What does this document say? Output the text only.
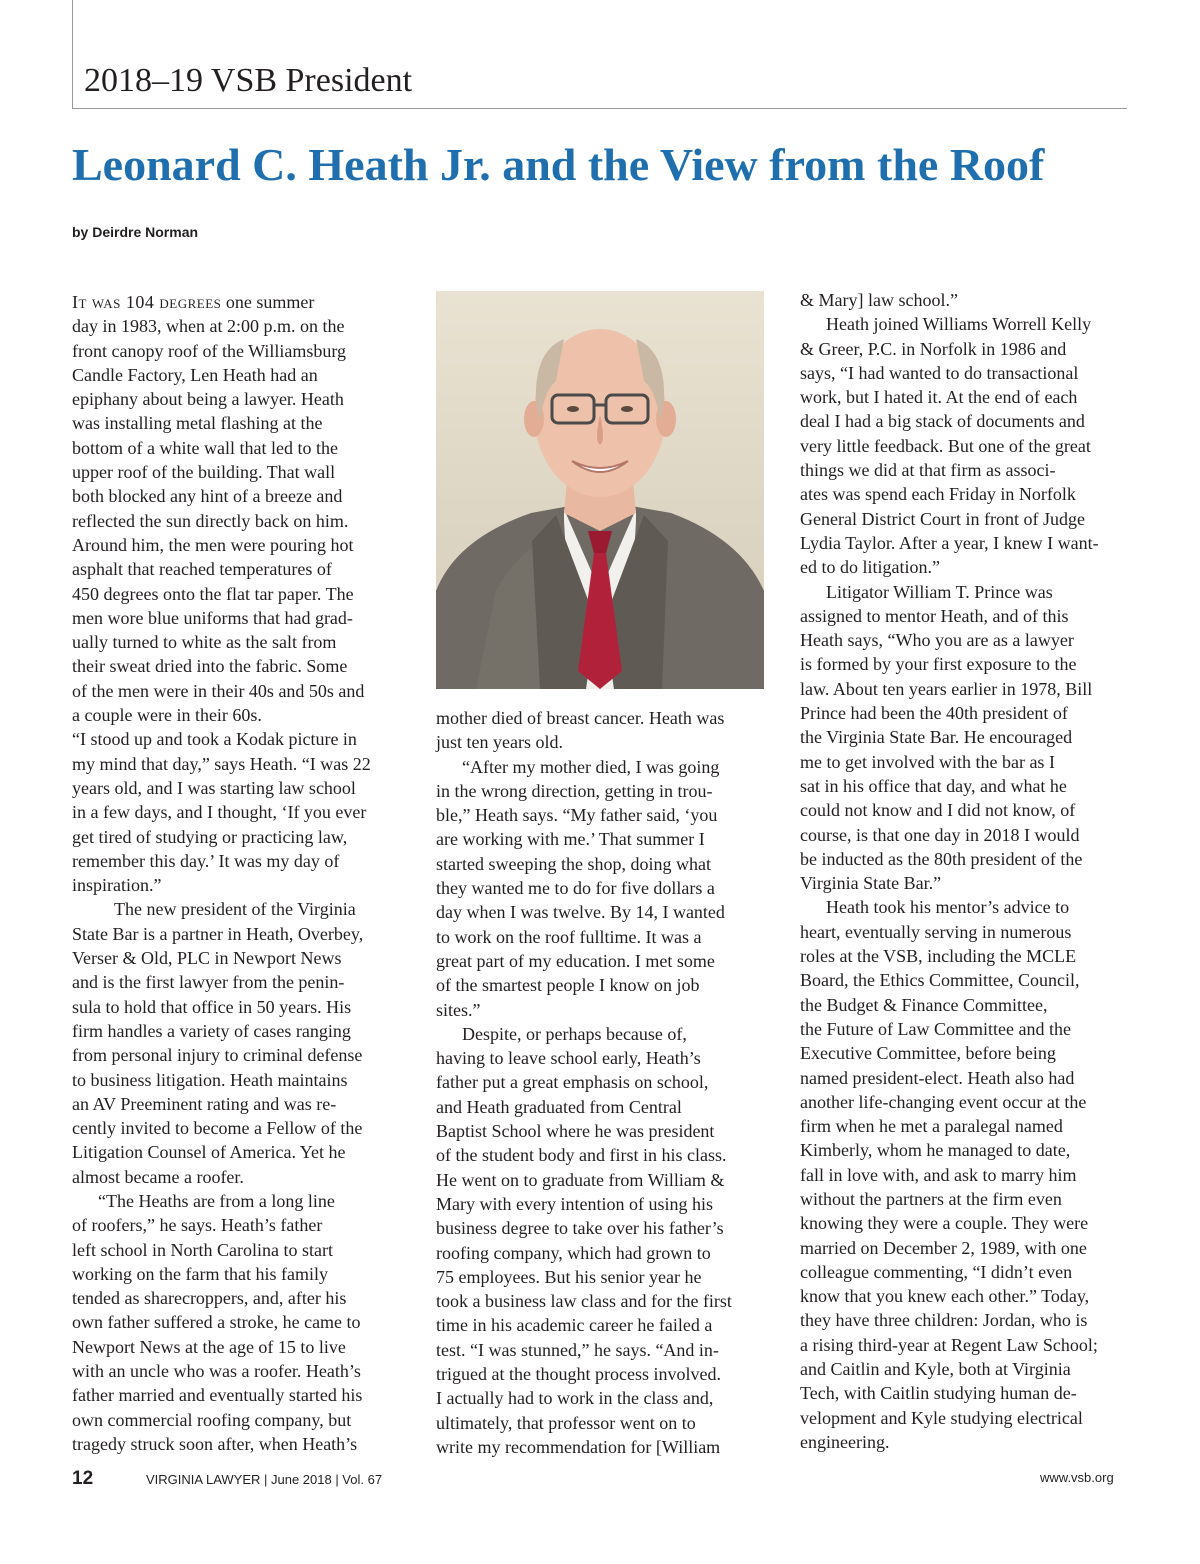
2018–19 VSB President
Leonard C. Heath Jr. and the View from the Roof
by Deirdre Norman
It was 104 degrees one summer
day in 1983, when at 2:00 p.m. on the
front canopy roof of the Williamsburg
Candle Factory, Len Heath had an
epiphany about being a lawyer. Heath
was installing metal flashing at the
bottom of a white wall that led to the
upper roof of the building. That wall
both blocked any hint of a breeze and
reflected the sun directly back on him.
Around him, the men were pouring hot
asphalt that reached temperatures of
450 degrees onto the flat tar paper. The
men wore blue uniforms that had grad-
ually turned to white as the salt from
their sweat dried into the fabric. Some
of the men were in their 40s and 50s and
a couple were in their 60s.
“I stood up and took a Kodak picture in
my mind that day,” says Heath. “I was 22
years old, and I was starting law school
in a few days, and I thought, ‘If you ever
get tired of studying or practicing law,
remember this day.’ It was my day of
inspiration.”
The new president of the Virginia
State Bar is a partner in Heath, Overbey,
Verser & Old, PLC in Newport News
and is the first lawyer from the penin-
sula to hold that office in 50 years. His
firm handles a variety of cases ranging
from personal injury to criminal defense
to business litigation. Heath maintains
an AV Preeminent rating and was re-
cently invited to become a Fellow of the
Litigation Counsel of America. Yet he
almost became a roofer.
“The Heaths are from a long line
of roofers,” he says. Heath’s father
left school in North Carolina to start
working on the farm that his family
tended as sharecroppers, and, after his
own father suffered a stroke, he came to
Newport News at the age of 15 to live
with an uncle who was a roofer. Heath’s
father married and eventually started his
own commercial roofing company, but
tragedy struck soon after, when Heath’s
mother died of breast cancer. Heath was
just ten years old.
“After my mother died, I was going
in the wrong direction, getting in trou-
ble,” Heath says. “My father said, ‘you
are working with me.’ That summer I
started sweeping the shop, doing what
they wanted me to do for five dollars a
day when I was twelve. By 14, I wanted
to work on the roof fulltime. It was a
great part of my education. I met some
of the smartest people I know on job
sites.”
Despite, or perhaps because of,
having to leave school early, Heath’s
father put a great emphasis on school,
and Heath graduated from Central
Baptist School where he was president
of the student body and first in his class.
He went on to graduate from William &
Mary with every intention of using his
business degree to take over his father’s
roofing company, which had grown to
75 employees. But his senior year he
took a business law class and for the first
time in his academic career he failed a
test. “I was stunned,” he says. “And in-
trigued at the thought process involved.
I actually had to work in the class and,
ultimately, that professor went on to
write my recommendation for [William
& Mary] law school.”
Heath joined Williams Worrell Kelly
& Greer, P.C. in Norfolk in 1986 and
says, “I had wanted to do transactional
work, but I hated it. At the end of each
deal I had a big stack of documents and
very little feedback. But one of the great
things we did at that firm as associ-
ates was spend each Friday in Norfolk
General District Court in front of Judge
Lydia Taylor. After a year, I knew I want-
ed to do litigation.”
Litigator William T. Prince was
assigned to mentor Heath, and of this
Heath says, “Who you are as a lawyer
is formed by your first exposure to the
law. About ten years earlier in 1978, Bill
Prince had been the 40th president of
the Virginia State Bar. He encouraged
me to get involved with the bar as I
sat in his office that day, and what he
could not know and I did not know, of
course, is that one day in 2018 I would
be inducted as the 80th president of the
Virginia State Bar.”
Heath took his mentor’s advice to
heart, eventually serving in numerous
roles at the VSB, including the MCLE
Board, the Ethics Committee, Council,
the Budget & Finance Committee,
the Future of Law Committee and the
Executive Committee, before being
named president-elect. Heath also had
another life-changing event occur at the
firm when he met a paralegal named
Kimberly, whom he managed to date,
fall in love with, and ask to marry him
without the partners at the firm even
knowing they were a couple. They were
married on December 2, 1989, with one
colleague commenting, “I didn’t even
know that you knew each other.” Today,
they have three children: Jordan, who is
a rising third-year at Regent Law School;
and Caitlin and Kyle, both at Virginia
Tech, with Caitlin studying human de-
velopment and Kyle studying electrical
engineering.
12	VIRGINIA LAWYER | June 2018 | Vol. 67	www.vsb.org
